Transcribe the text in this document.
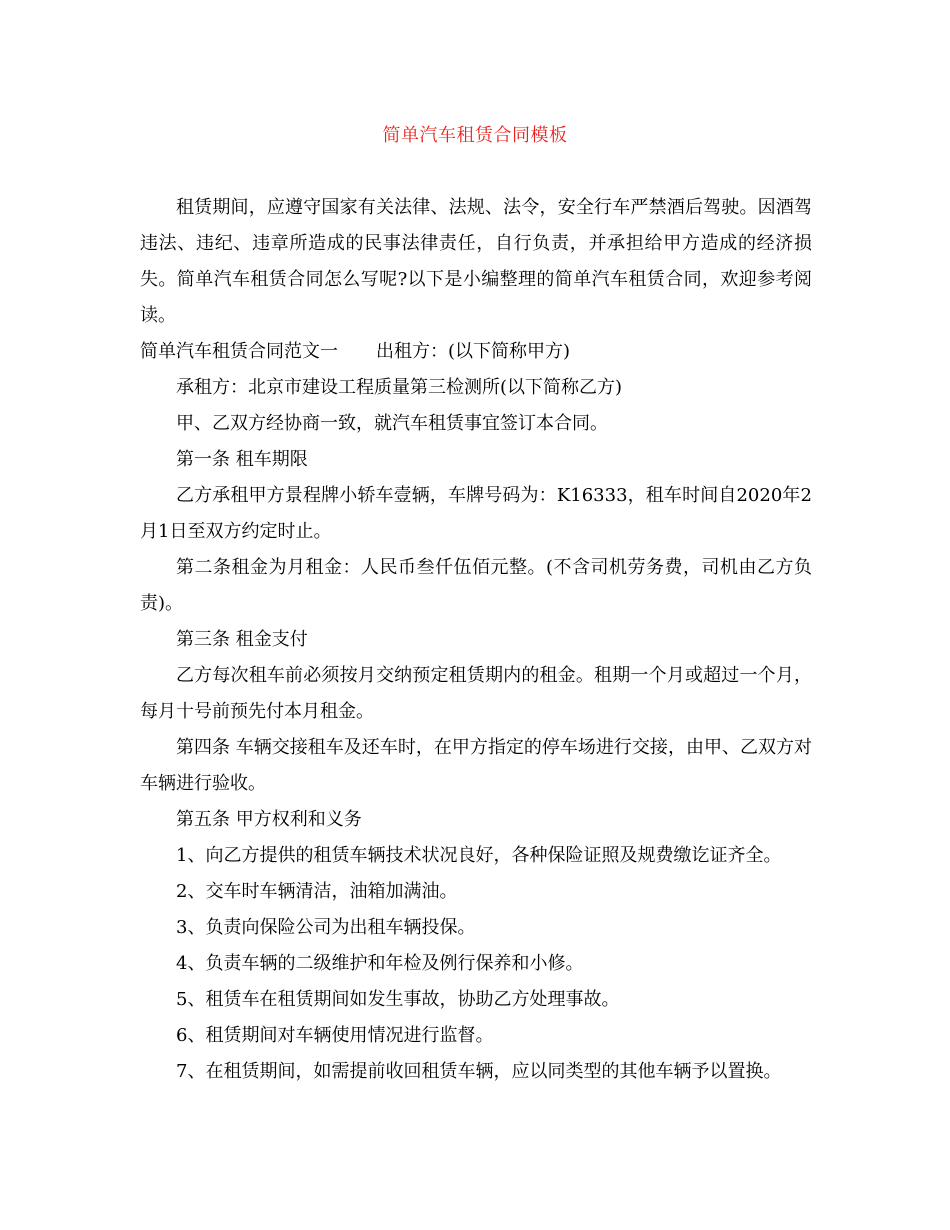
简单汽车租赁合同模板

租赁期间，应遵守国家有关法律、法规、法令，安全行车严禁酒后驾驶。因酒驾违法、违纪、违章所造成的民事法律责任，自行负责，并承担给甲方造成的经济损失。简单汽车租赁合同怎么写呢?以下是小编整理的简单汽车租赁合同，欢迎参考阅读。

简单汽车租赁合同范文一 出租方：(以下简称甲方)

承租方：北京市建设工程质量第三检测所(以下简称乙方)

甲、乙双方经协商一致，就汽车租赁事宜签订本合同。

第一条 租车期限

乙方承租甲方景程牌小轿车壹辆，车牌号码为：K16333，租车时间自2020年2月1日至双方约定时止。

第二条租金为月租金：人民币叁仟伍佰元整。(不含司机劳务费，司机由乙方负责)。

第三条 租金支付

乙方每次租车前必须按月交纳预定租赁期内的租金。租期一个月或超过一个月，每月十号前预先付本月租金。

第四条 车辆交接租车及还车时，在甲方指定的停车场进行交接，由甲、乙双方对车辆进行验收。

第五条 甲方权利和义务

1、向乙方提供的租赁车辆技术状况良好，各种保险证照及规费缴讫证齐全。

2、交车时车辆清洁，油箱加满油。

3、负责向保险公司为出租车辆投保。

4、负责车辆的二级维护和年检及例行保养和小修。

5、租赁车在租赁期间如发生事故，协助乙方处理事故。

6、租赁期间对车辆使用情况进行监督。

7、在租赁期间，如需提前收回租赁车辆，应以同类型的其他车辆予以置换。
